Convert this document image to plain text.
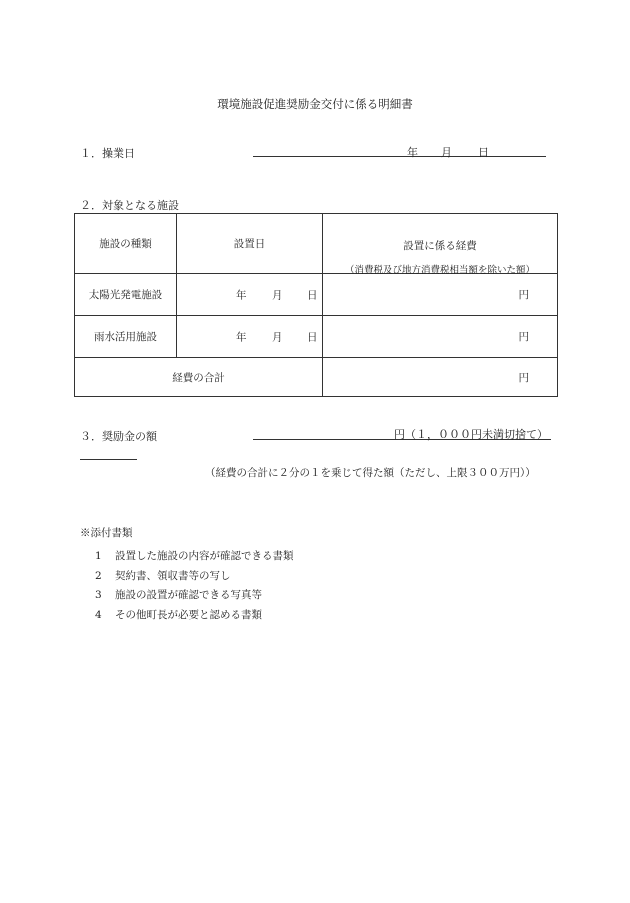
環境施設促進奨励金交付に係る明細書
１．操業日	年 月 日
２．対象となる施設
施設の種類	設置日	設置に係る経費
（消費税及び地方消費税相当額を除いた額）

太陽光発電施設	年 月 日	円
雨水活用施設	年 月 日	円
経費の合計		円
３．奨励金の額	円（１，０００円未満切捨て）
（経費の合計に２分の１を乗じて得た額（ただし、上限３００万円））
※添付書類
1 設置した施設の内容が確認できる書類
2 契約書、領収書等の写し
3 施設の設置が確認できる写真等
4 その他町長が必要と認める書類
